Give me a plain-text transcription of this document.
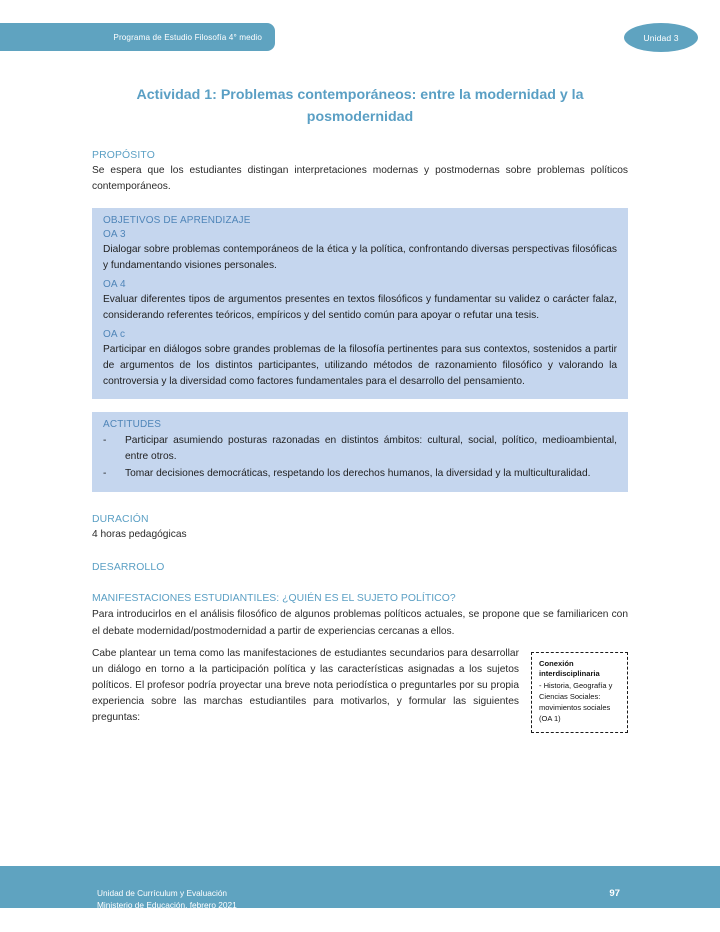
Programa de Estudio Filosofía 4° medio	Unidad 3
Actividad 1: Problemas contemporáneos: entre la modernidad y la posmodernidad
PROPÓSITO

Se espera que los estudiantes distingan interpretaciones modernas y postmodernas sobre problemas políticos contemporáneos.

OBJETIVOS DE APRENDIZAJE
OA 3

Dialogar sobre problemas contemporáneos de la ética y la política, confrontando diversas perspectivas filosóficas y fundamentando visiones personales.

OA 4

Evaluar diferentes tipos de argumentos presentes en textos filosóficos y fundamentar su validez o carácter falaz, considerando referentes teóricos, empíricos y del sentido común para apoyar o refutar una tesis.

OA c

Participar en diálogos sobre grandes problemas de la filosofía pertinentes para sus contextos, sostenidos a partir de argumentos de los distintos participantes, utilizando métodos de razonamiento filosófico y valorando la controversia y la diversidad como factores fundamentales para el desarrollo del pensamiento.

ACTITUDES
-	Participar asumiendo posturas razonadas en distintos ámbitos: cultural, social, político, medioambiental, entre otros.
-	Tomar decisiones democráticas, respetando los derechos humanos, la diversidad y la multiculturalidad.
DURACIÓN

4 horas pedagógicas

DESARROLLO
MANIFESTACIONES ESTUDIANTILES: ¿QUIÉN ES EL SUJETO POLÍTICO?

Para introducirlos en el análisis filosófico de algunos problemas políticos actuales, se propone que se familiaricen con el debate modernidad/postmodernidad a partir de experiencias cercanas a ellos.

Conexión interdisciplinaria
- Historia, Geografía y Ciencias Sociales: movimientos sociales (OA 1)

Cabe plantear un tema como las manifestaciones de estudiantes secundarios para desarrollar un diálogo en torno a la participación política y las características asignadas a los sujetos políticos. El profesor podría proyectar una breve nota periodística o preguntarles por su propia experiencia sobre las marchas estudiantiles para motivarlos, y formular las siguientes preguntas:

Unidad de Currículum y Evaluación
Ministerio de Educación, febrero 2021
97
